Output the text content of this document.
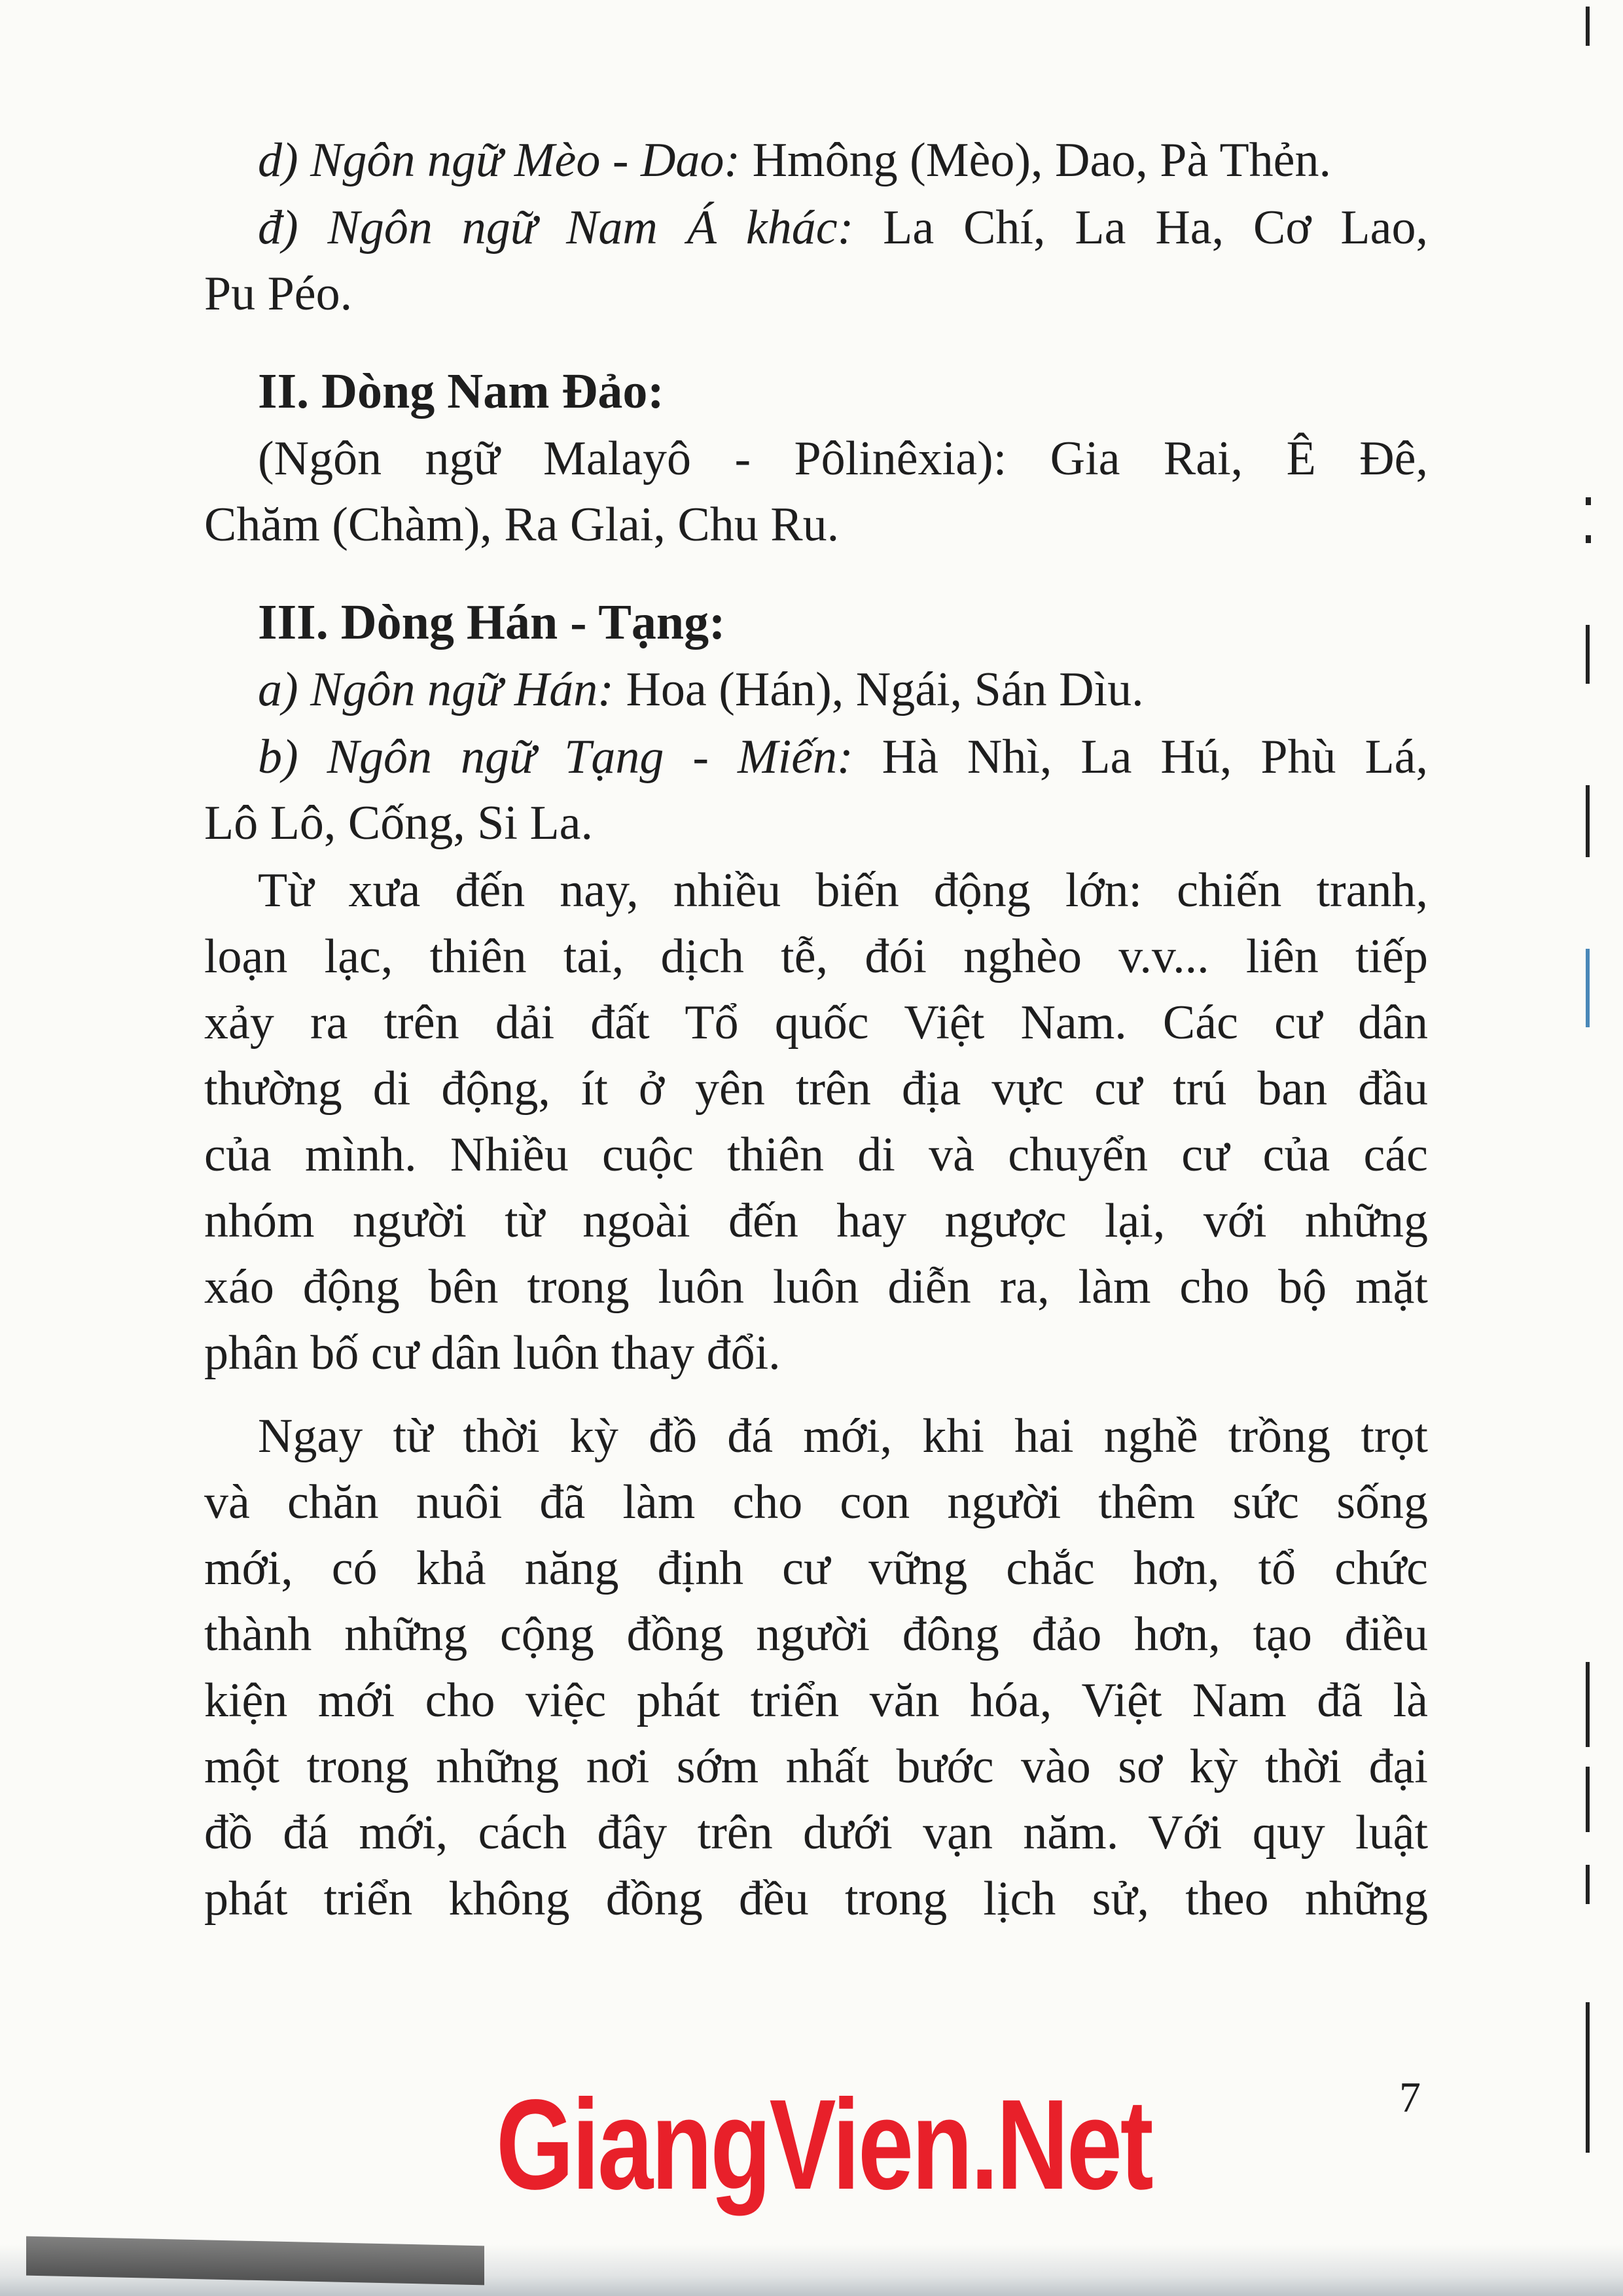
d) Ngôn ngữ Mèo - Dao: Hmông (Mèo), Dao, Pà Thẻn.
đ) Ngôn ngữ Nam Á khác: La Chí, La Ha, Cơ Lao,
Pu Péo.
II. Dòng Nam Đảo:
(Ngôn ngữ Malayô - Pôlinêxia): Gia Rai, Ê Đê,
Chăm (Chàm), Ra Glai, Chu Ru.
III. Dòng Hán - Tạng:
a) Ngôn ngữ Hán: Hoa (Hán), Ngái, Sán Dìu.
b) Ngôn ngữ Tạng - Miến: Hà Nhì, La Hú, Phù Lá,
Lô Lô, Cống, Si La.
Từ xưa đến nay, nhiều biến động lớn: chiến tranh,
loạn lạc, thiên tai, dịch tễ, đói nghèo v.v... liên tiếp
xảy ra trên dải đất Tổ quốc Việt Nam. Các cư dân
thường di động, ít ở yên trên địa vực cư trú ban đầu
của mình. Nhiều cuộc thiên di và chuyển cư của các
nhóm người từ ngoài đến hay ngược lại, với những
xáo động bên trong luôn luôn diễn ra, làm cho bộ mặt
phân bố cư dân luôn thay đổi.
Ngay từ thời kỳ đồ đá mới, khi hai nghề trồng trọt
và chăn nuôi đã làm cho con người thêm sức sống
mới, có khả năng định cư vững chắc hơn, tổ chức
thành những cộng đồng người đông đảo hơn, tạo điều
kiện mới cho việc phát triển văn hóa, Việt Nam đã là
một trong những nơi sớm nhất bước vào sơ kỳ thời đại
đồ đá mới, cách đây trên dưới vạn năm. Với quy luật
phát triển không đồng đều trong lịch sử, theo những
GiangVien.Net	7
